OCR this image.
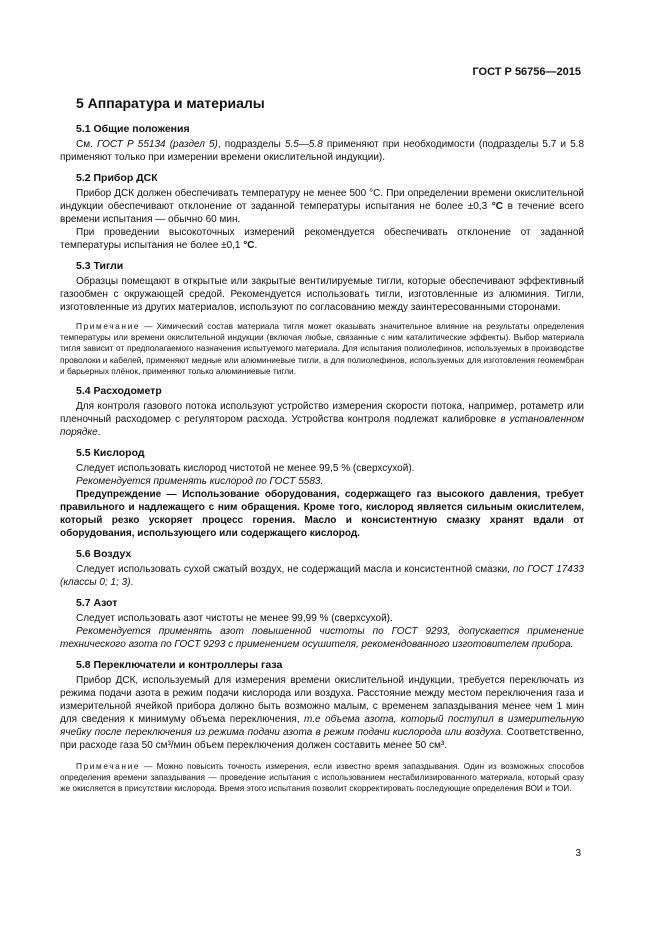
ГОСТ Р 56756—2015
5 Аппаратура и материалы
5.1 Общие положения

См. ГОСТ Р 55134 (раздел 5), подразделы 5.5—5.8 применяют при необходимости (подразделы 5.7 и 5.8 применяют только при измерении времени окислительной индукции).

5.2 Прибор ДСК

Прибор ДСК должен обеспечивать температуру не менее 500 °С. При определении времени окислительной индукции обеспечивают отклонение от заданной температуры испытания не более ±0,3 °С в течение всего времени испытания — обычно 60 мин.

При проведении высокоточных измерений рекомендуется обеспечивать отклонение от заданной температуры испытания не более ±0,1 °С.

5.3 Тигли

Образцы помещают в открытые или закрытые вентилируемые тигли, которые обеспечивают эффективный газообмен с окружающей средой. Рекомендуется использовать тигли, изготовленные из алюминия. Тигли, изготовленные из других материалов, используют по согласованию между заинтересованными сторонами.

Примечание — Химический состав материала тигля может оказывать значительное влияние на результаты определения температуры или времени окислительной индукции (включая любые, связанные с ним каталитические эффекты). Выбор материала тигля зависит от предполагаемого назначения испытуемого материала. Для испытания полиолефинов, используемых в производстве проволоки и кабелей, применяют медные или алюминиевые тигли, а для полиолефинов, используемых для изготовления геомембран и барьерных плёнок, применяют только алюминиевые тигли.

5.4 Расходометр

Для контроля газового потока используют устройство измерения скорости потока, например, ротаметр или пленочный расходомер с регулятором расхода. Устройства контроля подлежат калибровке в установленном порядке.

5.5 Кислород

Следует использовать кислород чистотой не менее 99,5 % (сверхсухой).

Рекомендуется применять кислород по ГОСТ 5583.

Предупреждение — Использование оборудования, содержащего газ высокого давления, требует правильного и надлежащего с ним обращения. Кроме того, кислород является сильным окислителем, который резко ускоряет процесс горения. Масло и консистентную смазку хранят вдали от оборудования, использующего или содержащего кислород.

5.6 Воздух

Следует использовать сухой сжатый воздух, не содержащий масла и консистентной смазки, по ГОСТ 17433 (классы 0; 1; 3).

5.7 Азот

Следует использовать азот чистоты не менее 99,99 % (сверхсухой).

Рекомендуется применять азот повышенной чистоты по ГОСТ 9293, допускается применение технического азота по ГОСТ 9293 с применением осушителя, рекомендованного изготовителем прибора.

5.8 Переключатели и контроллеры газа

Прибор ДСК, используемый для измерения времени окислительной индукции, требуется переключать из режима подачи азота в режим подачи кислорода или воздуха. Расстояние между местом переключения газа и измерительной ячейкой прибора должно быть возможно малым, с временем запаздывания менее чем 1 мин для сведения к минимуму объема переключения, т.е объема азота, который поступил в измерительную ячейку после переключения из режима подачи азота в режим подачи кислорода или воздуха. Соответственно, при расходе газа 50 см³/мин объем переключения должен составить менее 50 см³.

Примечание — Можно повысить точность измерения, если известно время запаздывания. Один из возможных способов определения времени запаздывания — проведение испытания с использованием нестабилизированного материала, который сразу же окисляется в присутствии кислорода. Время этого испытания позволит скорректировать последующие определения ВОИ и ТОИ.

3
